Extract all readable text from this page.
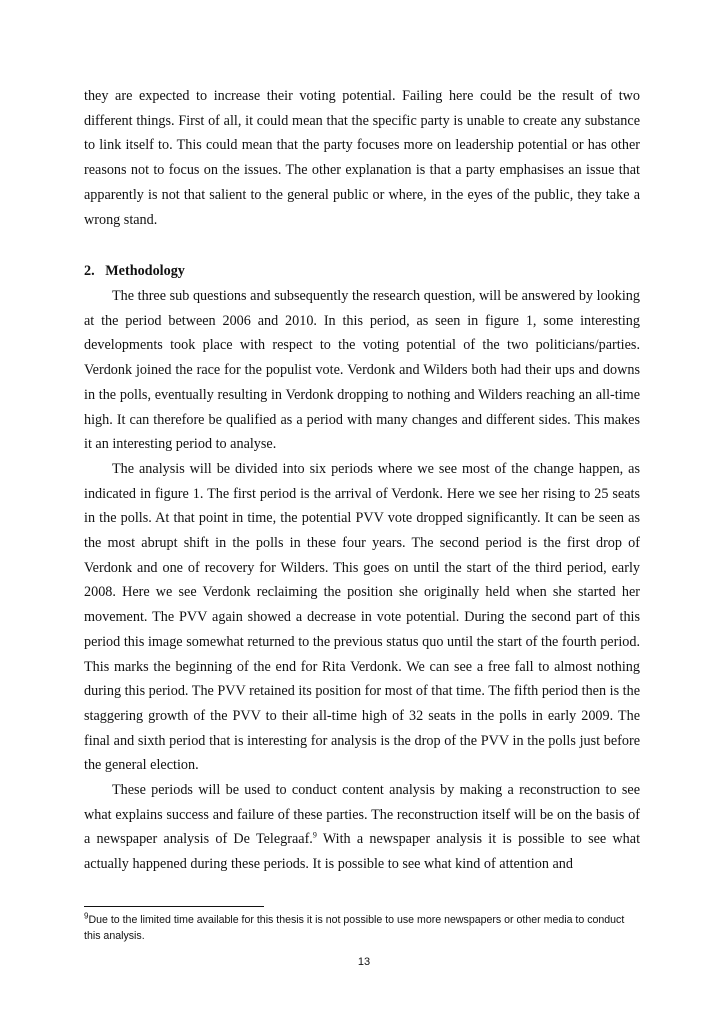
they are expected to increase their voting potential. Failing here could be the result of two different things. First of all, it could mean that the specific party is unable to create any substance to link itself to. This could mean that the party focuses more on leadership potential or has other reasons not to focus on the issues. The other explanation is that a party emphasises an issue that apparently is not that salient to the general public or where, in the eyes of the public, they take a wrong stand.

2. Methodology

The three sub questions and subsequently the research question, will be answered by looking at the period between 2006 and 2010. In this period, as seen in figure 1, some interesting developments took place with respect to the voting potential of the two politicians/parties. Verdonk joined the race for the populist vote. Verdonk and Wilders both had their ups and downs in the polls, eventually resulting in Verdonk dropping to nothing and Wilders reaching an all-time high. It can therefore be qualified as a period with many changes and different sides. This makes it an interesting period to analyse.

The analysis will be divided into six periods where we see most of the change happen, as indicated in figure 1. The first period is the arrival of Verdonk. Here we see her rising to 25 seats in the polls. At that point in time, the potential PVV vote dropped significantly. It can be seen as the most abrupt shift in the polls in these four years. The second period is the first drop of Verdonk and one of recovery for Wilders. This goes on until the start of the third period, early 2008. Here we see Verdonk reclaiming the position she originally held when she started her movement. The PVV again showed a decrease in vote potential. During the second part of this period this image somewhat returned to the previous status quo until the start of the fourth period. This marks the beginning of the end for Rita Verdonk. We can see a free fall to almost nothing during this period. The PVV retained its position for most of that time. The fifth period then is the staggering growth of the PVV to their all-time high of 32 seats in the polls in early 2009. The final and sixth period that is interesting for analysis is the drop of the PVV in the polls just before the general election.

These periods will be used to conduct content analysis by making a reconstruction to see what explains success and failure of these parties. The reconstruction itself will be on the basis of a newspaper analysis of De Telegraaf.$^9$ With a newspaper analysis it is possible to see what actually happened during these periods. It is possible to see what kind of attention and

$^9$Due to the limited time available for this thesis it is not possible to use more newspapers or other media to conduct this analysis.

13
